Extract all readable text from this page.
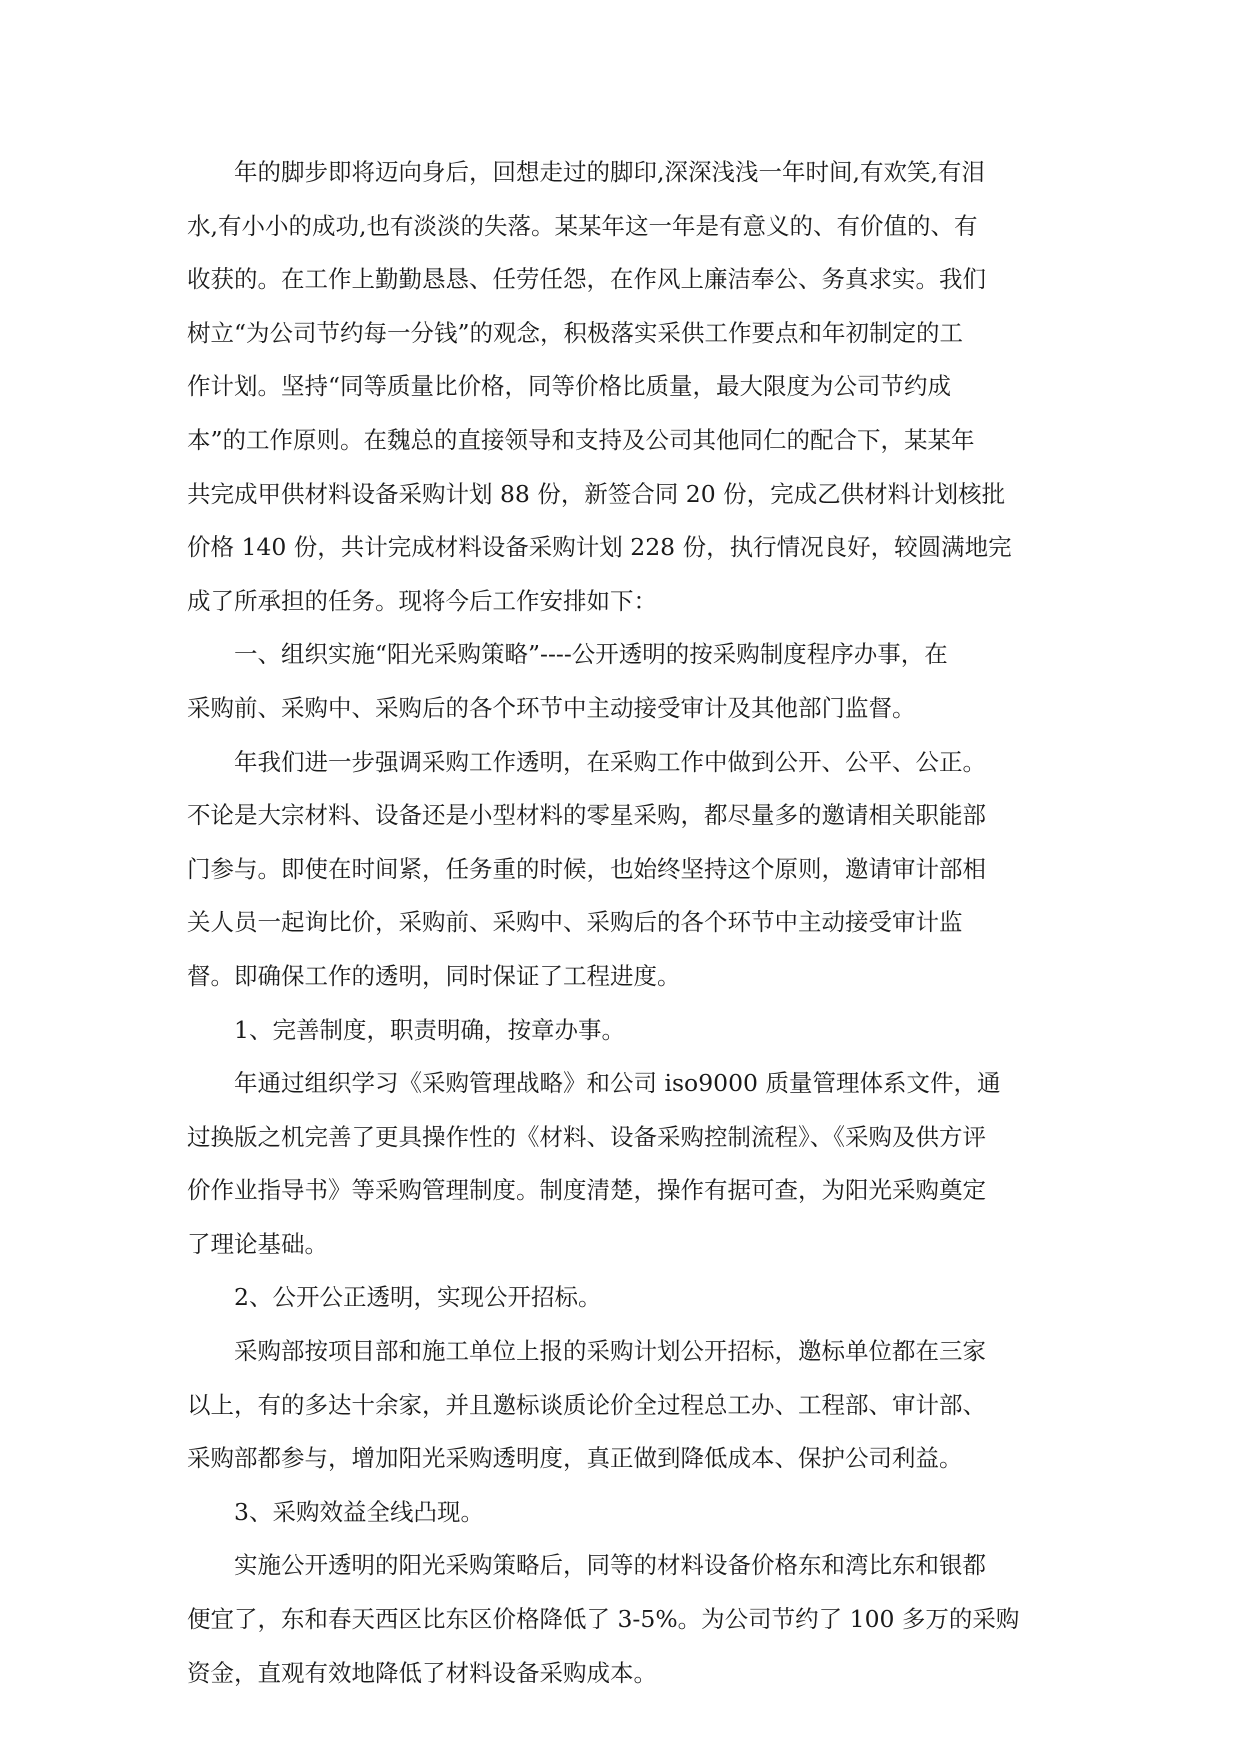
年的脚步即将迈向身后，回想走过的脚印,深深浅浅一年时间,有欢笑,有泪
水,有小小的成功,也有淡淡的失落。某某年这一年是有意义的、有价值的、有
收获的。在工作上勤勤恳恳、任劳任怨，在作风上廉洁奉公、务真求实。我们
树立“为公司节约每一分钱”的观念，积极落实采供工作要点和年初制定的工
作计划。坚持“同等质量比价格，同等价格比质量，最大限度为公司节约成
本”的工作原则。在魏总的直接领导和支持及公司其他同仁的配合下，某某年
共完成甲供材料设备采购计划 88 份，新签合同 20 份，完成乙供材料计划核批
价格 140 份，共计完成材料设备采购计划 228 份，执行情况良好，较圆满地完
成了所承担的任务。现将今后工作安排如下：
一、组织实施“阳光采购策略”----公开透明的按采购制度程序办事，在
采购前、采购中、采购后的各个环节中主动接受审计及其他部门监督。
年我们进一步强调采购工作透明，在采购工作中做到公开、公平、公正。
不论是大宗材料、设备还是小型材料的零星采购，都尽量多的邀请相关职能部
门参与。即使在时间紧，任务重的时候，也始终坚持这个原则，邀请审计部相
关人员一起询比价，采购前、采购中、采购后的各个环节中主动接受审计监
督。即确保工作的透明，同时保证了工程进度。
1、完善制度，职责明确，按章办事。
年通过组织学习《采购管理战略》和公司 iso9000 质量管理体系文件，通
过换版之机完善了更具操作性的《材料、设备采购控制流程》、《采购及供方评
价作业指导书》等采购管理制度。制度清楚，操作有据可查，为阳光采购奠定
了理论基础。
2、公开公正透明，实现公开招标。
采购部按项目部和施工单位上报的采购计划公开招标，邀标单位都在三家
以上，有的多达十余家，并且邀标谈质论价全过程总工办、工程部、审计部、
采购部都参与，增加阳光采购透明度，真正做到降低成本、保护公司利益。
3、采购效益全线凸现。
实施公开透明的阳光采购策略后，同等的材料设备价格东和湾比东和银都
便宜了，东和春天西区比东区价格降低了 3-5%。为公司节约了 100 多万的采购
资金，直观有效地降低了材料设备采购成本。
